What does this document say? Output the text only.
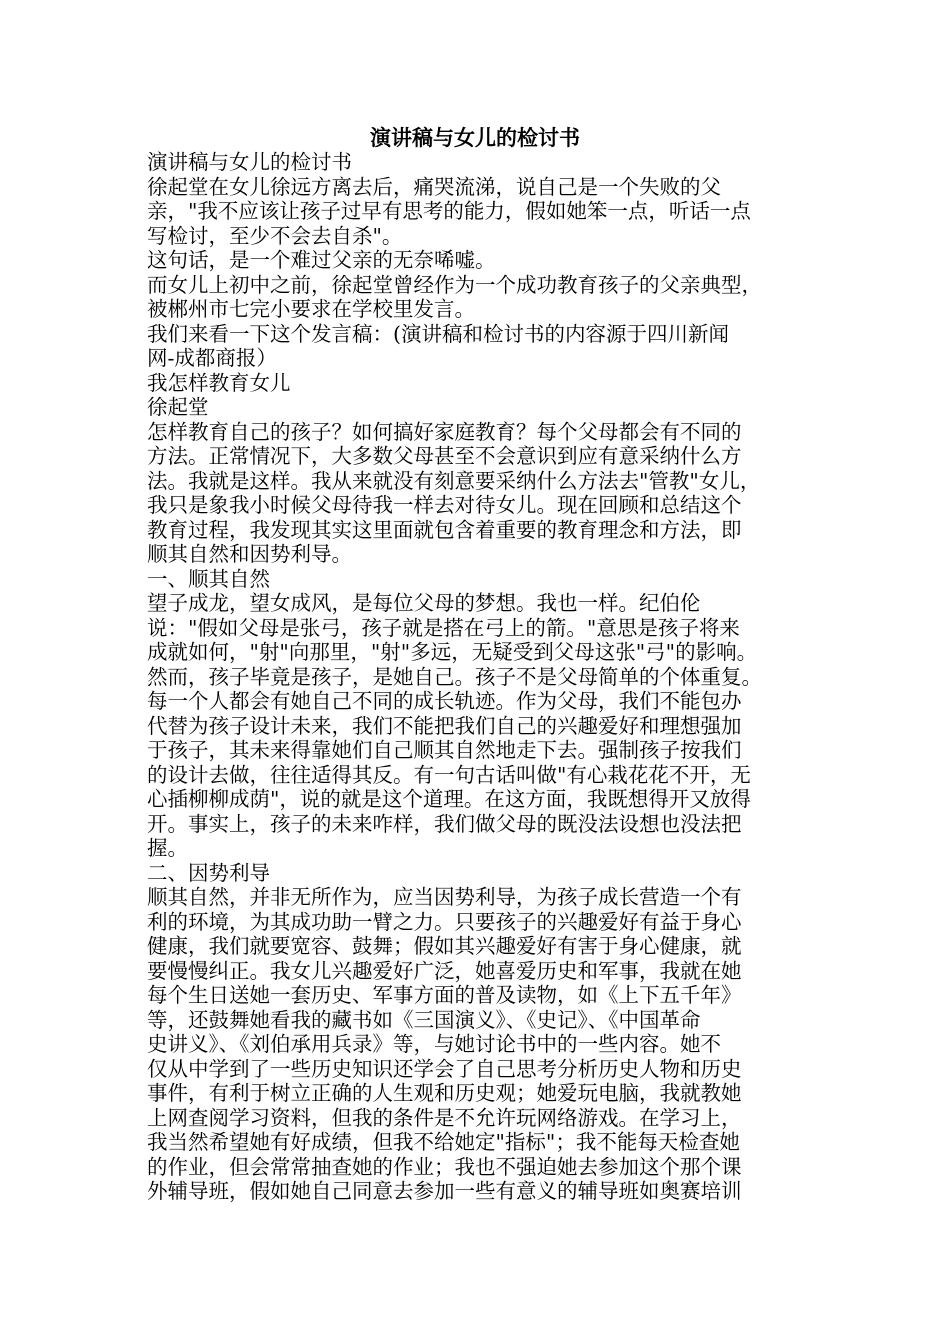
演讲稿与女儿的检讨书
演讲稿与女儿的检讨书
徐起堂在女儿徐远方离去后，痛哭流涕，说自己是一个失败的父
亲，"我不应该让孩子过早有思考的能力，假如她笨一点，听话一点
写检讨，至少不会去自杀"。
这句话，是一个难过父亲的无奈唏嘘。
而女儿上初中之前，徐起堂曾经作为一个成功教育孩子的父亲典型，
被郴州市七完小要求在学校里发言。
我们来看一下这个发言稿：(演讲稿和检讨书的内容源于四川新闻
网-成都商报）
我怎样教育女儿
徐起堂
怎样教育自己的孩子？如何搞好家庭教育？每个父母都会有不同的
方法。正常情况下，大多数父母甚至不会意识到应有意采纳什么方
法。我就是这样。我从来就没有刻意要采纳什么方法去"管教"女儿，
我只是象我小时候父母待我一样去对待女儿。现在回顾和总结这个
教育过程，我发现其实这里面就包含着重要的教育理念和方法，即
顺其自然和因势利导。
一、顺其自然
望子成龙，望女成风，是每位父母的梦想。我也一样。纪伯伦
说："假如父母是张弓，孩子就是搭在弓上的箭。"意思是孩子将来
成就如何，"射"向那里，"射"多远，无疑受到父母这张"弓"的影响。
然而，孩子毕竟是孩子，是她自己。孩子不是父母简单的个体重复。
每一个人都会有她自己不同的成长轨迹。作为父母，我们不能包办
代替为孩子设计未来，我们不能把我们自己的兴趣爱好和理想强加
于孩子，其未来得靠她们自己顺其自然地走下去。强制孩子按我们
的设计去做，往往适得其反。有一句古话叫做"有心栽花花不开，无
心插柳柳成荫"，说的就是这个道理。在这方面，我既想得开又放得
开。事实上，孩子的未来咋样，我们做父母的既没法设想也没法把
握。
二、因势利导
顺其自然，并非无所作为，应当因势利导，为孩子成长营造一个有
利的环境，为其成功助一臂之力。只要孩子的兴趣爱好有益于身心
健康，我们就要宽容、鼓舞；假如其兴趣爱好有害于身心健康，就
要慢慢纠正。我女儿兴趣爱好广泛，她喜爱历史和军事，我就在她
每个生日送她一套历史、军事方面的普及读物，如《上下五千年》
等，还鼓舞她看我的藏书如《三国演义》、《史记》、《中国革命
史讲义》、《刘伯承用兵录》等，与她讨论书中的一些内容。她不
仅从中学到了一些历史知识还学会了自己思考分析历史人物和历史
事件，有利于树立正确的人生观和历史观；她爱玩电脑，我就教她
上网查阅学习资料，但我的条件是不允许玩网络游戏。在学习上，
我当然希望她有好成绩，但我不给她定"指标"；我不能每天检查她
的作业，但会常常抽查她的作业；我也不强迫她去参加这个那个课
外辅导班，假如她自己同意去参加一些有意义的辅导班如奥赛培训
